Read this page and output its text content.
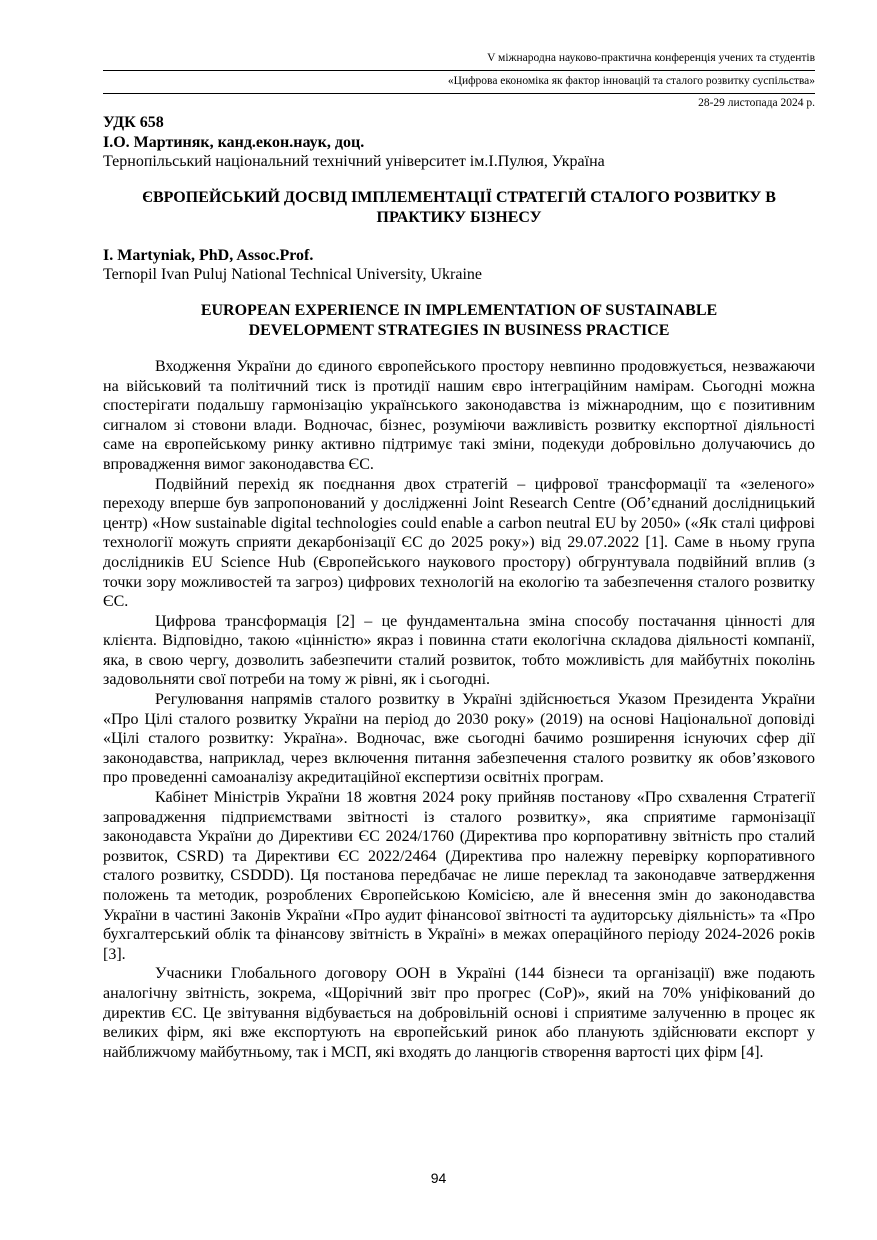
V міжнародна науково-практична конференція учених та студентів
«Цифрова економіка як фактор інновацій та сталого розвитку суспільства»
28-29 листопада 2024 р.
УДК 658
І.О. Мартиняк, канд.екон.наук, доц.
Тернопільський національний технічний університет ім.І.Пулюя, Україна
ЄВРОПЕЙСЬКИЙ ДОСВІД ІМПЛЕМЕНТАЦІЇ СТРАТЕГІЙ СТАЛОГО РОЗВИТКУ В
ПРАКТИКУ БІЗНЕСУ
I. Martyniak, PhD, Assoc.Prof.
Ternopil Ivan Puluj National Technical University, Ukraine
EUROPEAN EXPERIENCE IN IMPLEMENTATION OF SUSTAINABLE
DEVELOPMENT STRATEGIES IN BUSINESS PRACTICE

Входження України до єдиного європейського простору невпинно продовжується, незважаючи на військовий та політичний тиск із протидії нашим євро інтеграційним намірам. Сьогодні можна спостерігати подальшу гармонізацію українського законодавства із міжнародним, що є позитивним сигналом зі стовони влади. Водночас, бізнес, розуміючи важливість розвитку експортної діяльності саме на європейському ринку активно підтримує такі зміни, подекуди добровільно долучаючись до впровадження вимог законодавства ЄС.

Подвійний перехід як поєднання двох стратегій – цифрової трансформації та «зеленого» переходу вперше був запропонований у дослідженні Joint Research Centre (Об’єднаний дослідницький центр) «How sustainable digital technologies could enable a carbon neutral EU by 2050» («Як сталі цифрові технології можуть сприяти декарбонізації ЄС до 2025 року») від 29.07.2022 [1]. Саме в ньому група дослідників EU Science Hub (Європейського наукового простору) обгрунтувала подвійний вплив (з точки зору можливостей та загроз) цифрових технологій на екологію та забезпечення сталого розвитку ЄС.

Цифрова трансформація [2] – це фундаментальна зміна способу постачання цінності для клієнта. Відповідно, такою «цінністю» якраз і повинна стати екологічна складова діяльності компанії, яка, в свою чергу, дозволить забезпечити сталий розвиток, тобто можливість для майбутніх поколінь задовольняти свої потреби на тому ж рівні, як і сьогодні.

Регулювання напрямів сталого розвитку в Україні здійснюється Указом Президента України «Про Цілі сталого розвитку України на період до 2030 року» (2019) на основі Національної доповіді «Цілі сталого розвитку: Україна». Водночас, вже сьогодні бачимо розширення існуючих сфер дії законодавства, наприклад, через включення питання забезпечення сталого розвитку як обов’язкового про проведенні самоаналізу акредитаційної експертизи освітніх програм.

Кабінет Міністрів України 18 жовтня 2024 року прийняв постанову «Про схвалення Стратегії запровадження підприємствами звітності із сталого розвитку», яка сприятиме гармонізації законодавста України до Директиви ЄС 2024/1760 (Директива про корпоративну звітність про сталий розвиток, CSRD) та Директиви ЄС 2022/2464 (Директива про належну перевірку корпоративного сталого розвитку, CSDDD). Ця постанова передбачає не лише переклад та законодавче затвердження положень та методик, розроблених Європейською Комісією, але й внесення змін до законодавства України в частині Законів України «Про аудит фінансової звітності та аудиторську діяльність» та «Про бухгалтерський облік та фінансову звітність в Україні» в межах операційного періоду 2024-2026 років [3].

Учасники Глобального договору ООН в Україні (144 бізнеси та організації) вже подають аналогічну звітність, зокрема, «Щорічний звіт про прогрес (CoP)», який на 70% уніфікований до директив ЄС. Це звітування відбувається на добровільній основі і сприятиме залученню в процес як великих фірм, які вже експортують на європейський ринок або планують здійснювати експорт у найближчому майбутньому, так і МСП, які входять до ланцюгів створення вартості цих фірм [4].

94
